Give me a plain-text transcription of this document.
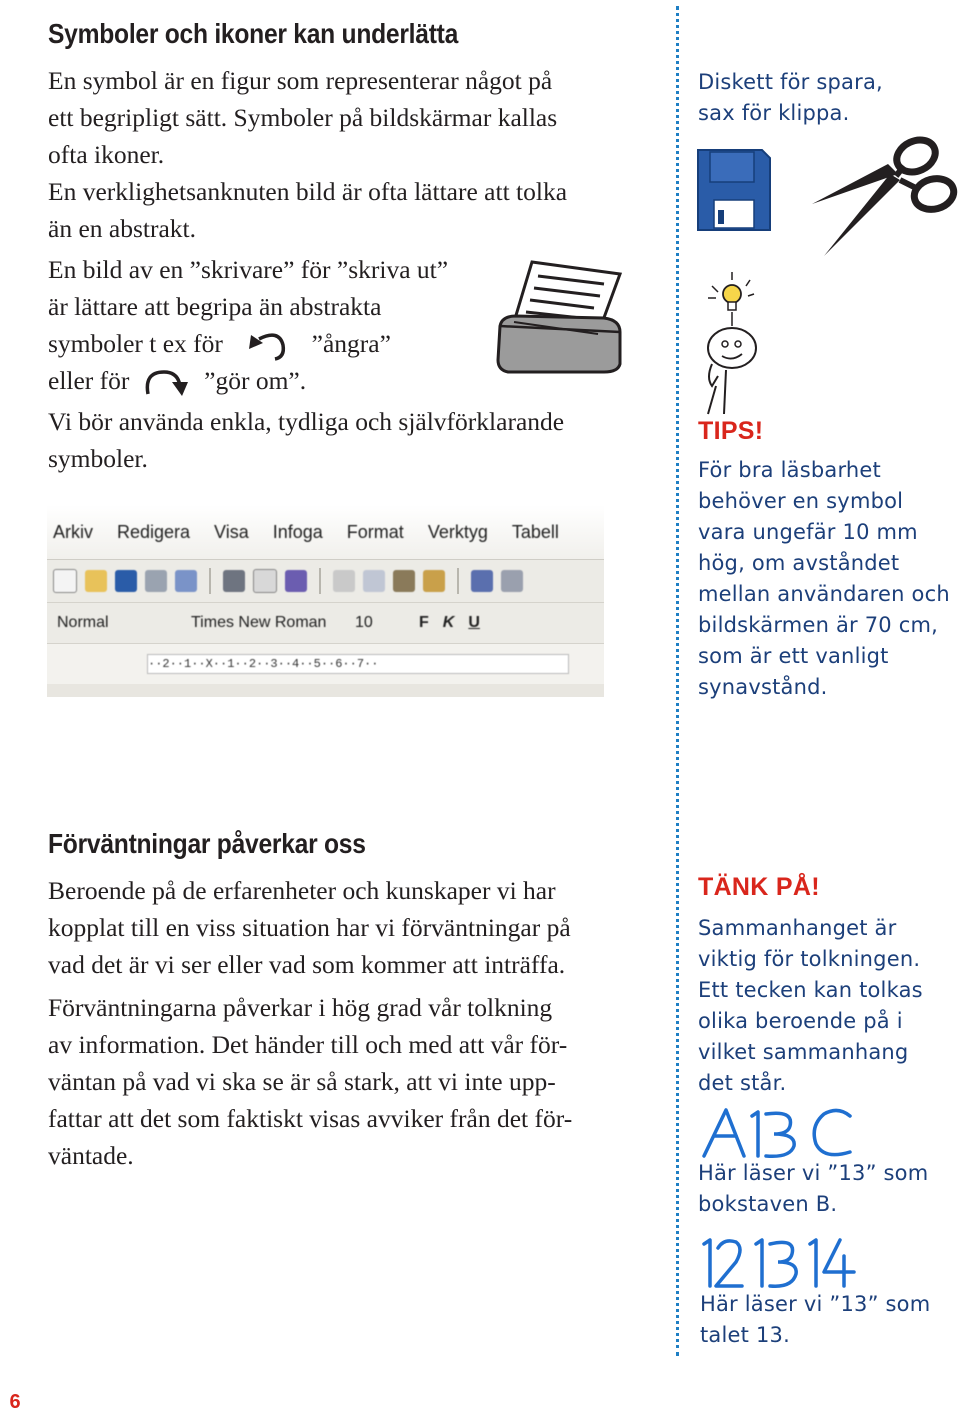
Symboler och ikoner kan underlätta

En symbol är en figur som representerar något på

ett begripligt sätt. Symboler på bildskärmar kallas

ofta ikoner.

En verklighetsanknuten bild är ofta lättare att tolka

än en abstrakt.

En bild av en ”skrivare” för ”skriva ut”

är lättare att begripa än abstrakta

symboler t ex för	”ångra”

eller för	”gör om”.

Vi bör använda enkla, tydliga och självförklarande

symboler.

Arkiv Redigera Visa Infoga Format Verktyg Tabell
Normal	Times New Roman	10	F K U
··2··1··X··1··2··3··4··5··6··7··
Diskett för spara,
sax för klippa.
TIPS!
För bra läsbarhet
behöver en symbol
vara ungefär 10 mm
hög, om avståndet
mellan användaren och
bildskärmen är 70 cm,
som är ett vanligt
synavstånd.
Förväntningar påverkar oss

Beroende på de erfarenheter och kunskaper vi har

kopplat till en viss situation har vi förväntningar på

vad det är vi ser eller vad som kommer att inträffa.

Förväntningarna påverkar i hög grad vår tolkning

av information. Det händer till och med att vår för-

väntan på vad vi ska se är så stark, att vi inte upp-

fattar att det som faktiskt visas avviker från det för-

väntade.

TÄNK PÅ!
Sammanhanget är
viktig för tolkningen.
Ett tecken kan tolkas
olika beroende på i
vilket sammanhang
det står.
Här läser vi ”13” som
bokstaven B.
Här läser vi ”13” som
talet 13.
6
